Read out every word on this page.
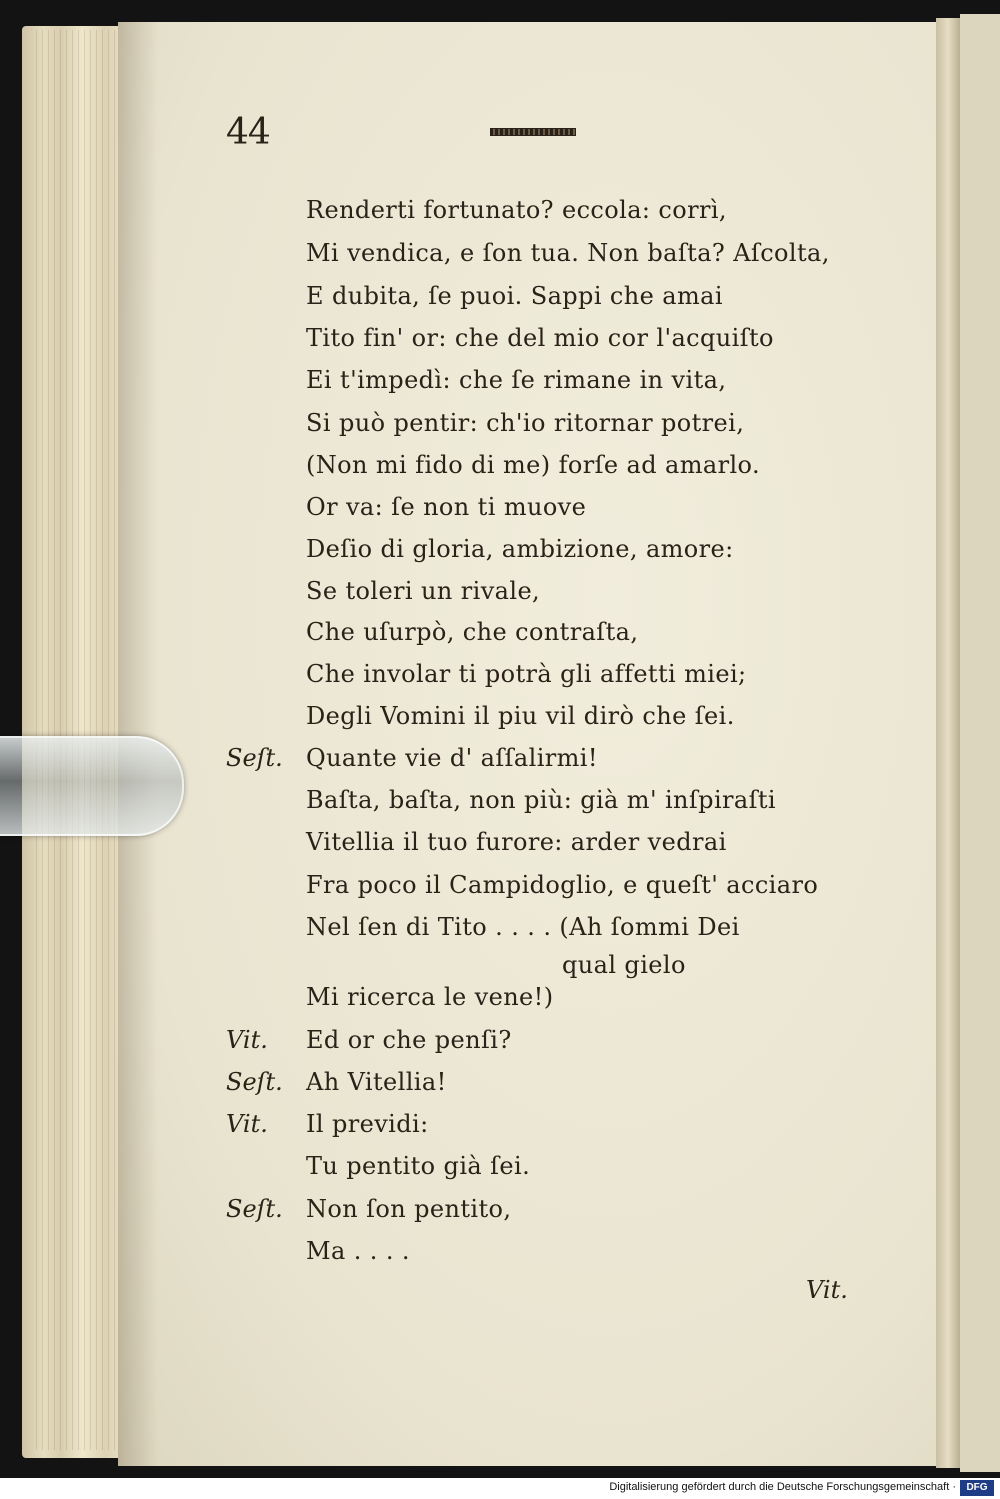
44
Renderti fortunato? eccola: corrì,
Mi vendica, e ſon tua. Non baſta? Aſcolta,
E dubita, ſe puoi. Sappi che amai
Tito fin' or: che del mio cor l'acquiſto
Ei t'impedì: che ſe rimane in vita,
Si può pentir: ch'io ritornar potrei,
(Non mi fido di me) forſe ad amarlo.
Or va: ſe non ti muove
Deſio di gloria, ambizione, amore:
Se toleri un rivale,
Che uſurpò, che contraſta,
Che involar ti potrà gli affetti miei;
Degli Vomini il piu vil dirò che ſei.
Seſt. Quante vie d' aſſalirmi!
Baſta, baſta, non più: già m' inſpiraſti
Vitellia il tuo furore: arder vedrai
Fra poco il Campidoglio, e queſt' acciaro
Nel ſen di Tito . . . . (Ah ſommi Dei
qual gielo
Mi ricerca le vene!)
Vit. Ed or che penſi?
Seſt. Ah Vitellia!
Vit. Il previdi:
Tu pentito già ſei.
Seſt. Non ſon pentito,
Ma . . . .
Vit.
Digitalisierung gefördert durch die Deutsche Forschungsgemeinschaft ·	DFG
